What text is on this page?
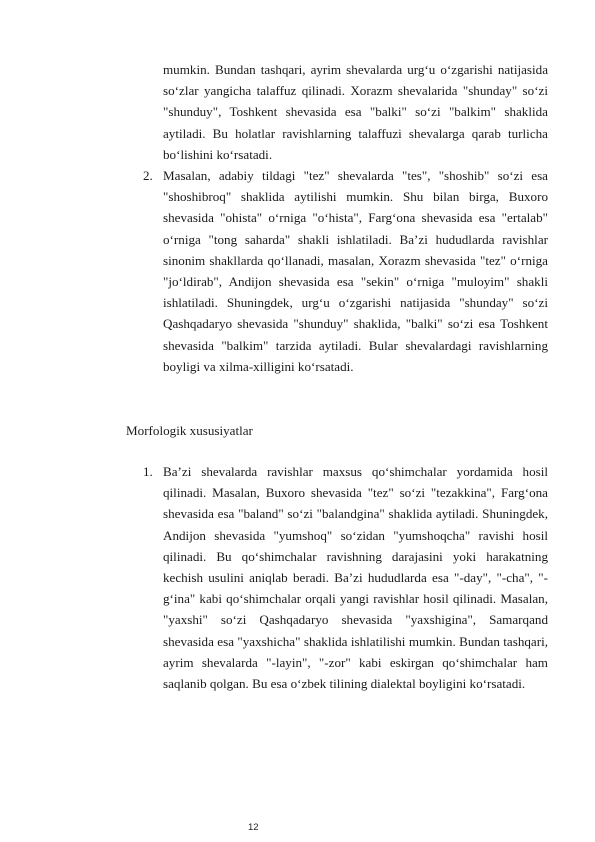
mumkin. Bundan tashqari, ayrim shevalarda urg‘u o‘zgarishi natijasida so‘zlar yangicha talaffuz qilinadi. Xorazm shevalarida "shunday" so‘zi "shunduy", Toshkent shevasida esa "balki" so‘zi "balkim" shaklida aytiladi. Bu holatlar ravishlarning talaffuzi shevalarga qarab turlicha bo‘lishini ko‘rsatadi.

2. Masalan, adabiy tildagi "tez" shevalarda "tes", "shoshib" so‘zi esa "shoshibroq" shaklida aytilishi mumkin. Shu bilan birga, Buxoro shevasida "ohista" o‘rniga "o‘hista", Farg‘ona shevasida esa "ertalab" o‘rniga "tong saharda" shakli ishlatiladi. Ba’zi hududlarda ravishlar sinonim shakllarda qo‘llanadi, masalan, Xorazm shevasida "tez" o‘rniga "jo‘ldirab", Andijon shevasida esa "sekin" o‘rniga "muloyim" shakli ishlatiladi. Shuningdek, urg‘u o‘zgarishi natijasida "shunday" so‘zi Qashqadaryo shevasida "shunduy" shaklida, "balki" so‘zi esa Toshkent shevasida "balkim" tarzida aytiladi. Bular shevalardagi ravishlarning boyligi va xilma-xilligini ko‘rsatadi.

Morfologik xususiyatlar
1. Ba’zi shevalarda ravishlar maxsus qo‘shimchalar yordamida hosil qilinadi. Masalan, Buxoro shevasida "tez" so‘zi "tezakkina", Farg‘ona shevasida esa "baland" so‘zi "balandgina" shaklida aytiladi. Shuningdek, Andijon shevasida "yumshoq" so‘zidan "yumshoqcha" ravishi hosil qilinadi. Bu qo‘shimchalar ravishning darajasini yoki harakatning kechish usulini aniqlab beradi. Ba’zi hududlarda esa "-day", "-cha", "-g‘ina" kabi qo‘shimchalar orqali yangi ravishlar hosil qilinadi. Masalan, "yaxshi" so‘zi Qashqadaryo shevasida "yaxshigina", Samarqand shevasida esa "yaxshicha" shaklida ishlatilishi mumkin. Bundan tashqari, ayrim shevalarda "-layin", "-zor" kabi eskirgan qo‘shimchalar ham saqlanib qolgan. Bu esa o‘zbek tilining dialektal boyligini ko‘rsatadi.

12
